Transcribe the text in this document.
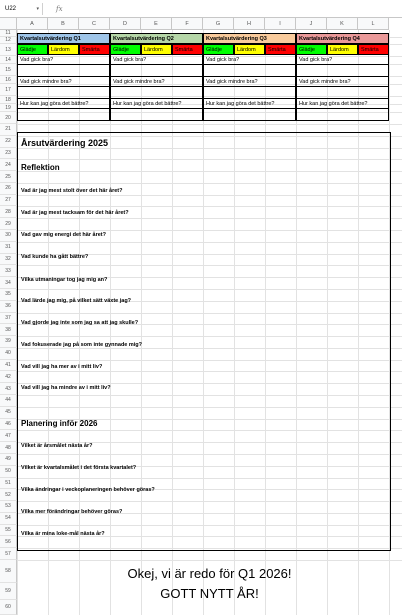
U22	▾ fx
A	B	C	D	E	F	G	H	I	J	K	L
11
12
13
14
15
16
17
18
19
20
21
22
23
24
25
26
27
28
29
30
31
32
33
34
35
36
37
38
39
40
41
42
43
44
45
46
47
48
49
50
51
52
53
54
55
56
57
58
59
60
Kvartalsutvärdering Q1
Glädje	Lärdom	Smärta
Vad gick bra?
Vad gick mindre bra?
Hur kan jag göra det bättre?
Kvartalsutvärdering Q2
Glädje	Lärdom	Smärta
Vad gick bra?
Vad gick mindre bra?
Hur kan jag göra det bättre?
Kvartalsutvärdering Q3
Glädje	Lärdom	Smärta
Vad gick bra?
Vad gick mindre bra?
Hur kan jag göra det bättre?
Kvartalsutvärdering Q4
Glädje	Lärdom	Smärta
Vad gick bra?
Vad gick mindre bra?
Hur kan jag göra det bättre?
Årsutvärdering 2025
Reflektion
Vad är jag mest stolt över det här året?
Vad är jag mest tacksam för det här året?
Vad gav mig energi det här året?
Vad kunde ha gått bättre?
Vilka utmaningar tog jag mig an?
Vad lärde jag mig, på vilket sätt växte jag?
Vad gjorde jag inte som jag sa att jag skulle?
Vad fokuserade jag på som inte gynnade mig?
Vad vill jag ha mer av i mitt liv?
Vad vill jag ha mindre av i mitt liv?
Planering inför 2026
Vilket är årsmålet nästa år?
Vilket är kvartalsmålet i det första kvartalet?
Vilka ändringar i veckoplaneringen behöver göras?
Vilka mer förändringar behöver göras?
Vilka är mina loke-mål nästa år?
Okej, vi är redo för Q1 2026!
GOTT NYTT ÅR!
